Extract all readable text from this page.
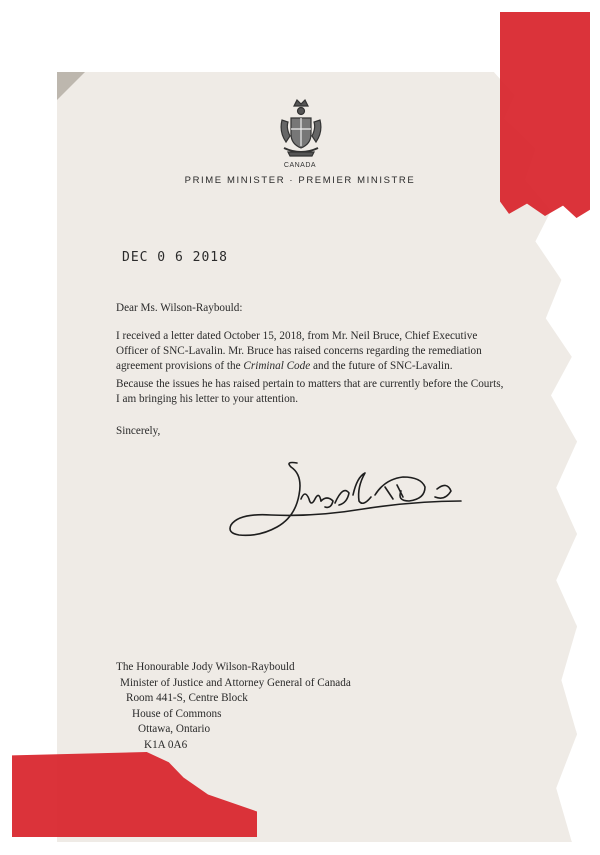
CANADA
PRIME MINISTER · PREMIER MINISTRE
DEC 0 6 2018
Dear Ms. Wilson-Raybould:
I received a letter dated October 15, 2018, from Mr. Neil Bruce, Chief Executive Officer of SNC-Lavalin. Mr. Bruce has raised concerns regarding the remediation agreement provisions of the Criminal Code and the future of SNC-Lavalin.
Because the issues he has raised pertain to matters that are currently before the Courts, I am bringing his letter to your attention.
Sincerely,
The Honourable Jody Wilson-Raybould
Minister of Justice and Attorney General of Canada
Room 441-S, Centre Block
House of Commons
Ottawa, Ontario
K1A 0A6
